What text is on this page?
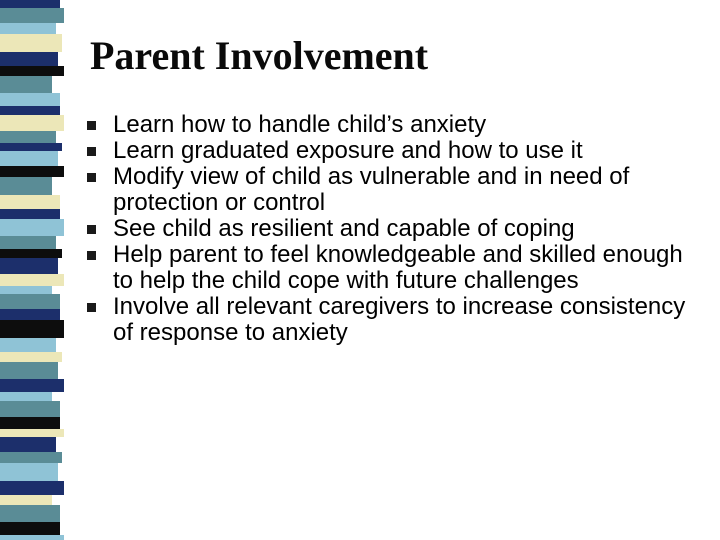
Parent Involvement
Learn how to handle child’s anxiety
Learn graduated exposure and how to use it
Modify view of child as vulnerable and in need of protection or control
See child as resilient and capable of coping
Help parent to feel knowledgeable and skilled enough to help the child cope with future challenges
Involve all relevant caregivers to increase consistency of response to anxiety
